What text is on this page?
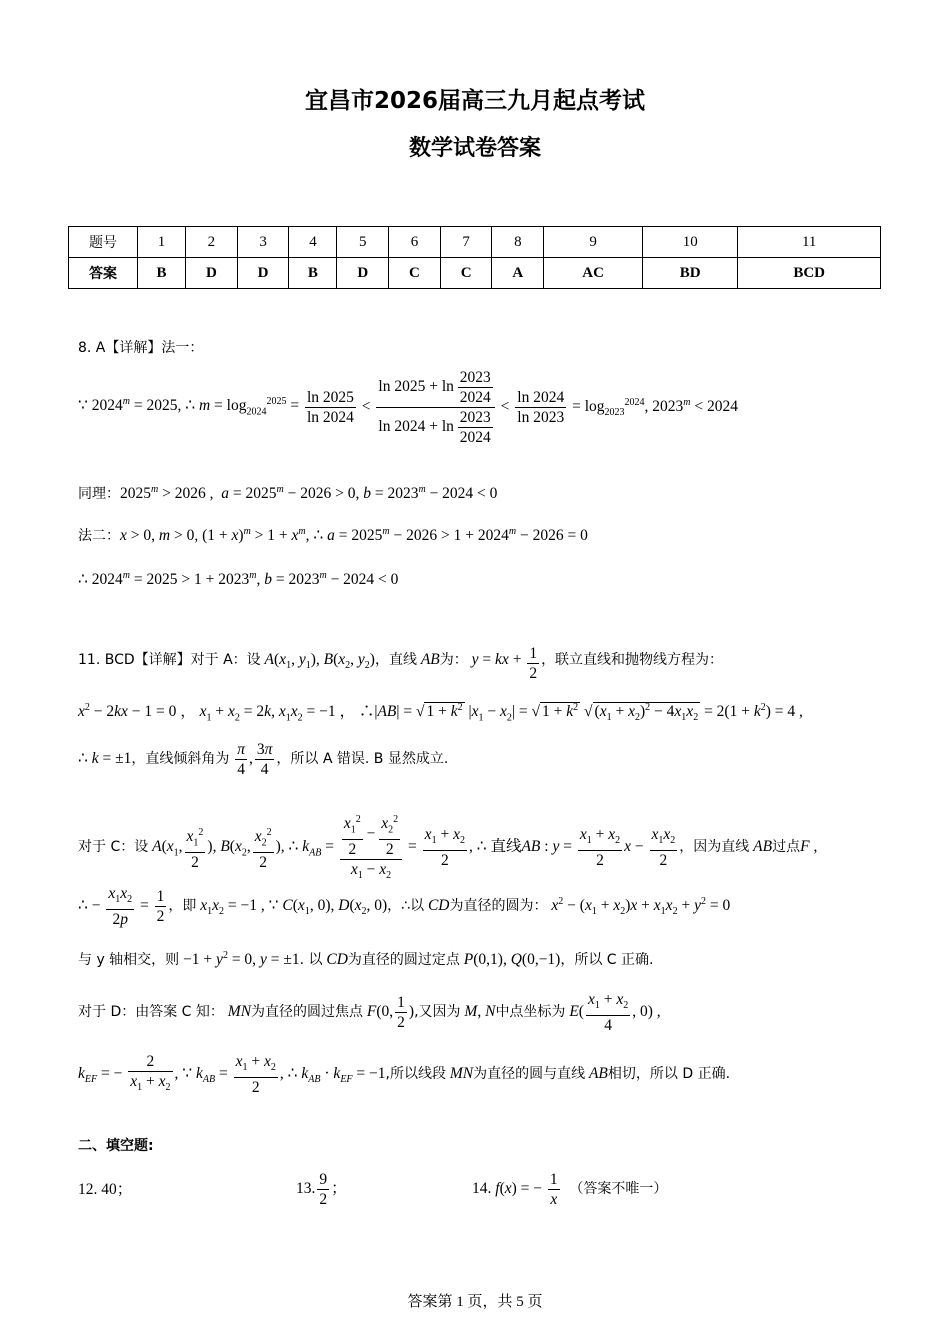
宜昌市2026届高三九月起点考试
数学试卷答案
题号	1	2	3	4	5	6	7	8	9	10	11
答案	B	D	D	B	D	C	C	A	AC	BD	BCD
8. A【详解】法一：
∵ $2024^m = 2025$, ∴ $m = \log_{2024}^{2025} = \frac{\ln 2025}{\ln 2024} < \frac{\ln 2025 + \ln \frac{2023}{2024}}{\ln 2024 + \ln \frac{2023}{2024}} < \frac{\ln 2024}{\ln 2023} = \log_{2023}^{2024}$, $2023^m < 2024$
同理：$2025^m > 2026$ ,  $a = 2025^m - 2026 > 0$, $b = 2023^m - 2024 < 0$
法二：x > 0, m > 0, $(1 + x)^m > 1 + x^m$, ∴ $a = 2025^m - 2026 > 1 + 2024^m - 2026 = 0$
∴ $2024^m = 2025 > 1 + 2023^m$, $b = 2023^m - 2024 < 0$
11. BCD【详解】对于 A：设 $A(x_1$, $y_1$), $B(x_2$, $y_2$)，直线 AB为： y = kx + $\frac{1}{2}$ ，联立直线和抛物线方程为：
$x^2 - 2kx - 1 = 0$ ， $x_1 + x_2 = 2k$, $x_1x_2 = -1$ ， ∴|AB| = √ $1 + k^2$ $|x_1 - x_2|$ = √ $1 + k^2$ √ $(x_1 + x_2)^2 - 4x_1x_2 = 2(1 + k^2) = 4$ ,
∴ k = ±1，直线倾斜角为 $\frac{\pi}{4}$ , $\frac{3\pi}{4}$ ，所以 A 错误. B 显然成立.
对于 C：设 $A(x_1$, $\frac{x_1^2}{2}$ ), $B(x_2$, $\frac{x_2^2}{2}$ ), ∴ $k_{AB} = \frac{\frac{x_1^2}{2} - \frac{x_2^2}{2}}{x_1 - x_2} = \frac{x_1 + x_2}{2}$ , ∴ 直线AB : $y = \frac{x_1 + x_2}{2}$ $x - \frac{x_1x_2}{2}$ ，因为直线 AB过点F ,
∴ − $\frac{x_1x_2}{2p} = \frac{1}{2}$ ，即 $x_1x_2 = -1$ , ∵ $C(x_1$, 0), $D(x_2$, 0)，∴以 CD为直径的圆为： $x^2 - (x_1 + x_2)x + x_1x_2 + y^2 = 0$
与 y 轴相交，则 $-1 + y^2 = 0$, y = ±1. 以 CD为直径的圆过定点 P(0,1), Q(0,−1)，所以 C 正确.
对于 D：由答案 C 知： MN为直径的圆过焦点 F(0, $\frac{1}{2}$ ),又因为 M, N中点坐标为 $E( \frac{x_1 + x_2}{4}$ , 0) ,
$k_{EF}$ = − $\frac{2}{x_1 + x_2}$ , ∵ $k_{AB} = \frac{x_1 + x_2}{2}$ , ∴ $k_{AB} \cdot k_{EF} = -1$,所以线段 MN为直径的圆与直线 AB相切，所以 D 正确.
二、填空题:
12. 40；	13. $\frac{9}{2}$ ；	14. f(x) = − $\frac{1}{x}$ （答案不唯一）
答案第 1 页，共 5 页
